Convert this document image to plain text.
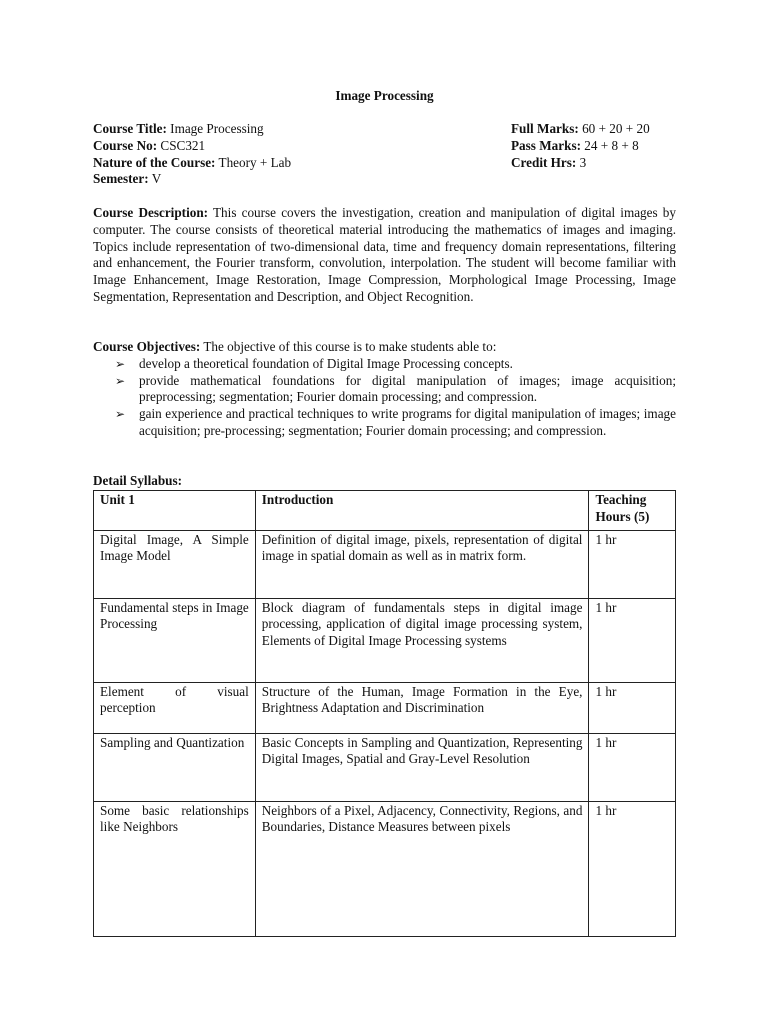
Image Processing
Course Title: Image Processing	Full Marks: 60 + 20 + 20
Course No: CSC321	Pass Marks: 24 + 8 + 8
Nature of the Course: Theory + Lab	Credit Hrs: 3
Semester: V

Course Description: This course covers the investigation, creation and manipulation of digital images by computer. The course consists of theoretical material introducing the mathematics of images and imaging. Topics include representation of two-dimensional data, time and frequency domain representations, filtering and enhancement, the Fourier transform, convolution, interpolation. The student will become familiar with Image Enhancement, Image Restoration, Image Compression, Morphological Image Processing, Image Segmentation, Representation and Description, and Object Recognition.

Course Objectives: The objective of this course is to make students able to:

➢ develop a theoretical foundation of Digital Image Processing concepts.
➢ provide mathematical foundations for digital manipulation of images; image acquisition; preprocessing; segmentation; Fourier domain processing; and compression.
➢ gain experience and practical techniques to write programs for digital manipulation of images; image acquisition; pre-processing; segmentation; Fourier domain processing; and compression.
Detail Syllabus:
Unit 1	Introduction	Teaching Hours (5)
Digital Image, A Simple Image Model	Definition of digital image, pixels, representation of digital image in spatial domain as well as in matrix form.	1 hr
Fundamental steps in Image Processing	Block diagram of fundamentals steps in digital image processing, application of digital image processing system, Elements of Digital Image Processing systems	1 hr
Element of visual perception	Structure of the Human, Image Formation in the Eye, Brightness Adaptation and Discrimination	1 hr
Sampling and Quantization	Basic Concepts in Sampling and Quantization, Representing Digital Images, Spatial and Gray-Level Resolution	1 hr
Some basic relationships like Neighbors	Neighbors of a Pixel, Adjacency, Connectivity, Regions, and Boundaries, Distance Measures between pixels	1 hr
